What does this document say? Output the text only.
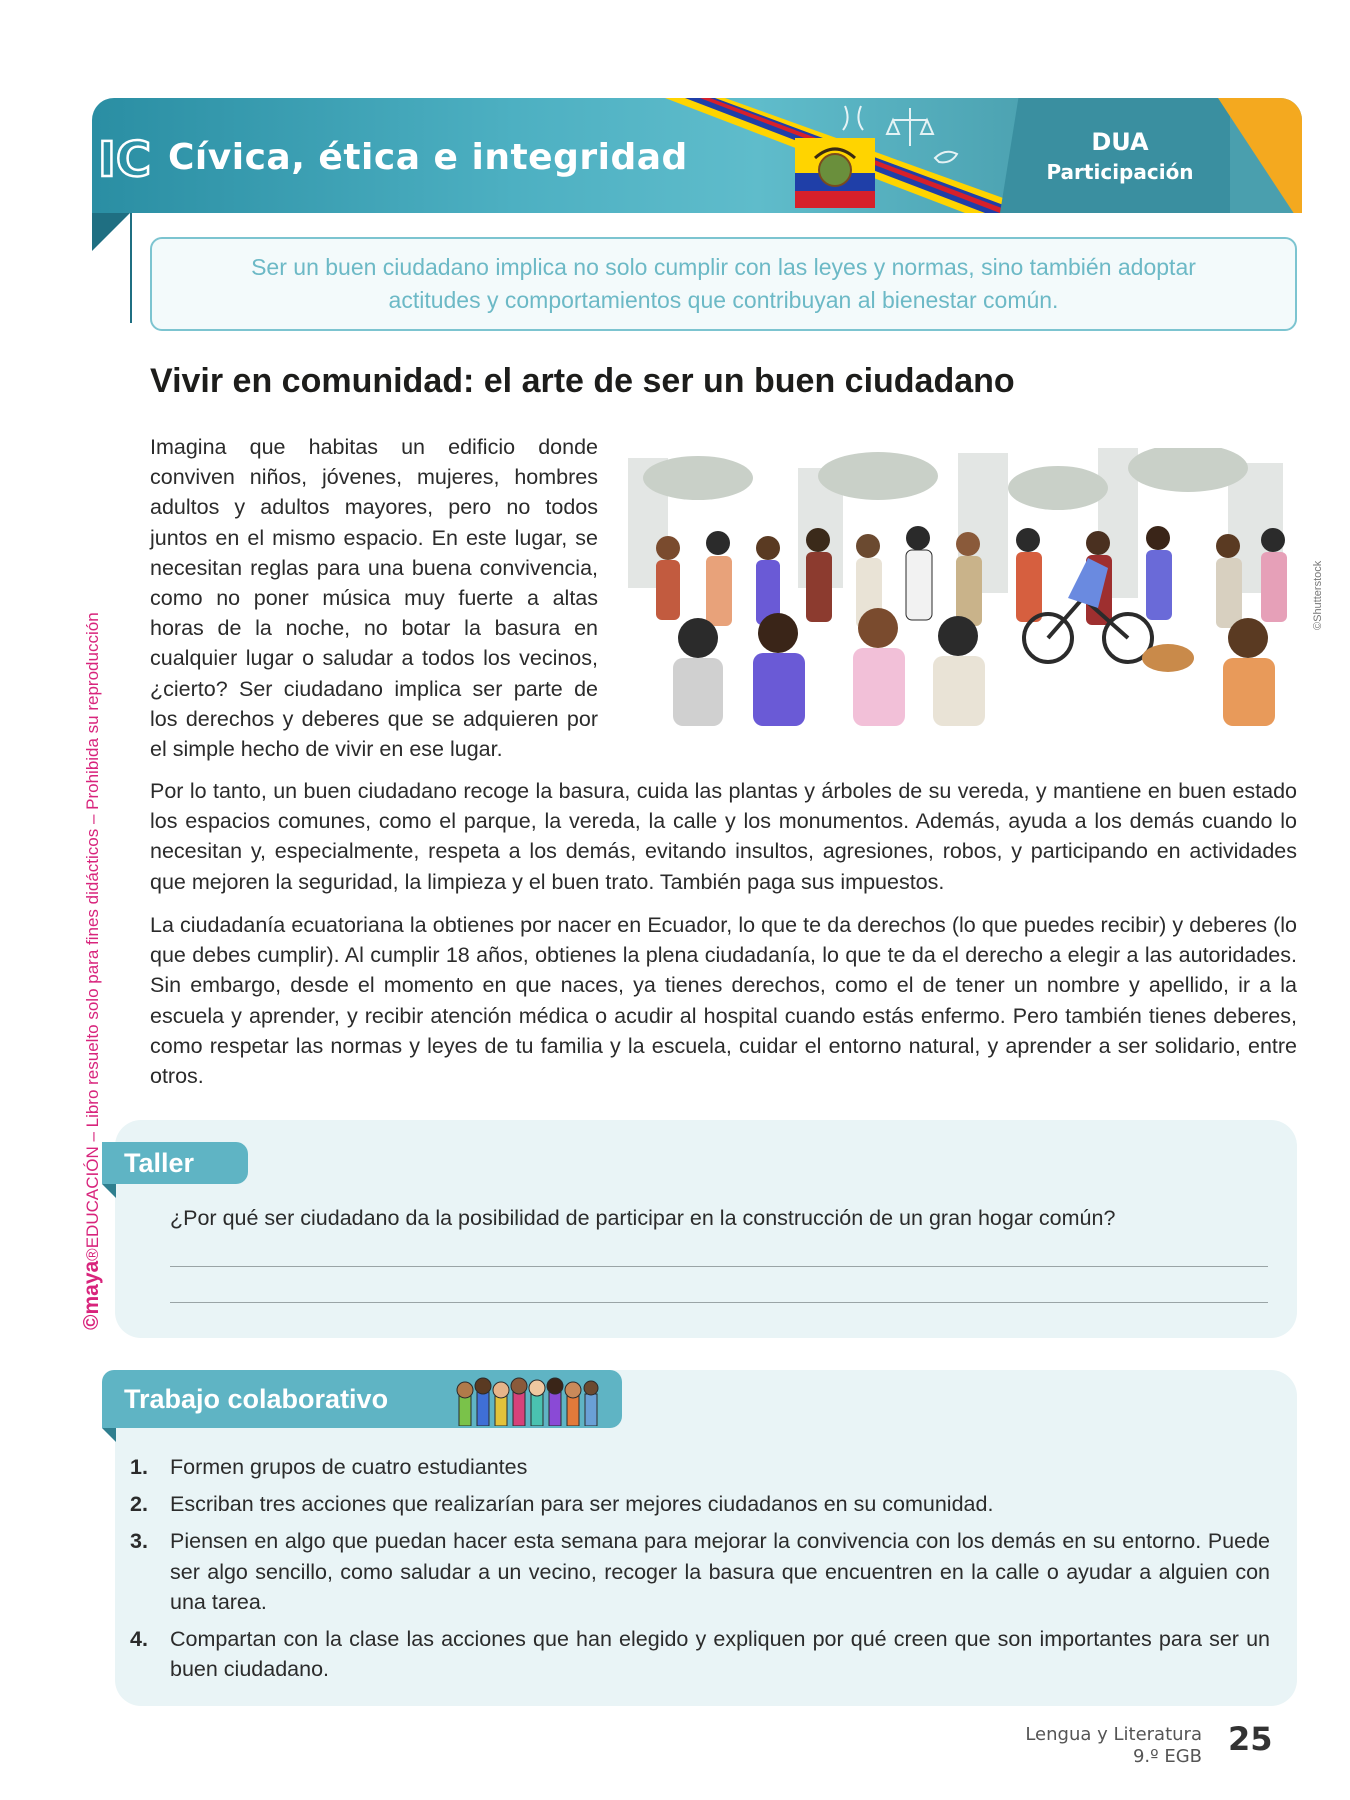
IC Cívica, ética e integridad	DUA
Participación

Ser un buen ciudadano implica no solo cumplir con las leyes y normas, sino también adoptar actitudes y comportamientos que contribuyan al bienestar común.

©maya®EDUCACIÓN – Libro resuelto solo para fines didácticos – Prohibida su reproducción
Vivir en comunidad: el arte de ser un buen ciudadano

Imagina que habitas un edificio donde conviven niños, jóvenes, mujeres, hombres adultos y adultos mayores, pero no todos juntos en el mismo espacio. En este lugar, se necesitan reglas para una buena convivencia, como no poner música muy fuerte a altas horas de la noche, no botar la basura en cualquier lugar o saludar a todos los vecinos, ¿cierto? Ser ciudadano implica ser parte de los derechos y deberes que se adquieren por el simple hecho de vivir en ese lugar.

©Shutterstock

Por lo tanto, un buen ciudadano recoge la basura, cuida las plantas y árboles de su vereda, y mantiene en buen estado los espacios comunes, como el parque, la vereda, la calle y los monumentos. Además, ayuda a los demás cuando lo necesitan y, especialmente, respeta a los demás, evitando insultos, agresiones, robos, y participando en actividades que mejoren la seguridad, la limpieza y el buen trato. También paga sus impuestos.

La ciudadanía ecuatoriana la obtienes por nacer en Ecuador, lo que te da derechos (lo que puedes recibir) y deberes (lo que debes cumplir). Al cumplir 18 años, obtienes la plena ciudadanía, lo que te da el derecho a elegir a las autoridades. Sin embargo, desde el momento en que naces, ya tienes derechos, como el de tener un nombre y apellido, ir a la escuela y aprender, y recibir atención médica o acudir al hospital cuando estás enfermo. Pero también tienes deberes, como respetar las normas y leyes de tu familia y la escuela, cuidar el entorno natural, y aprender a ser solidario, entre otros.

Taller

¿Por qué ser ciudadano da la posibilidad de participar en la construcción de un gran hogar común?

Trabajo colaborativo
1.	Formen grupos de cuatro estudiantes
2.	Escriban tres acciones que realizarían para ser mejores ciudadanos en su comunidad.
3.	Piensen en algo que puedan hacer esta semana para mejorar la convivencia con los demás en su entorno. Puede ser algo sencillo, como saludar a un vecino, recoger la basura que encuentren en la calle o ayudar a alguien con una tarea.
4.	Compartan con la clase las acciones que han elegido y expliquen por qué creen que son importantes para ser un buen ciudadano.
Lengua y Literatura
9.º EGB 25
